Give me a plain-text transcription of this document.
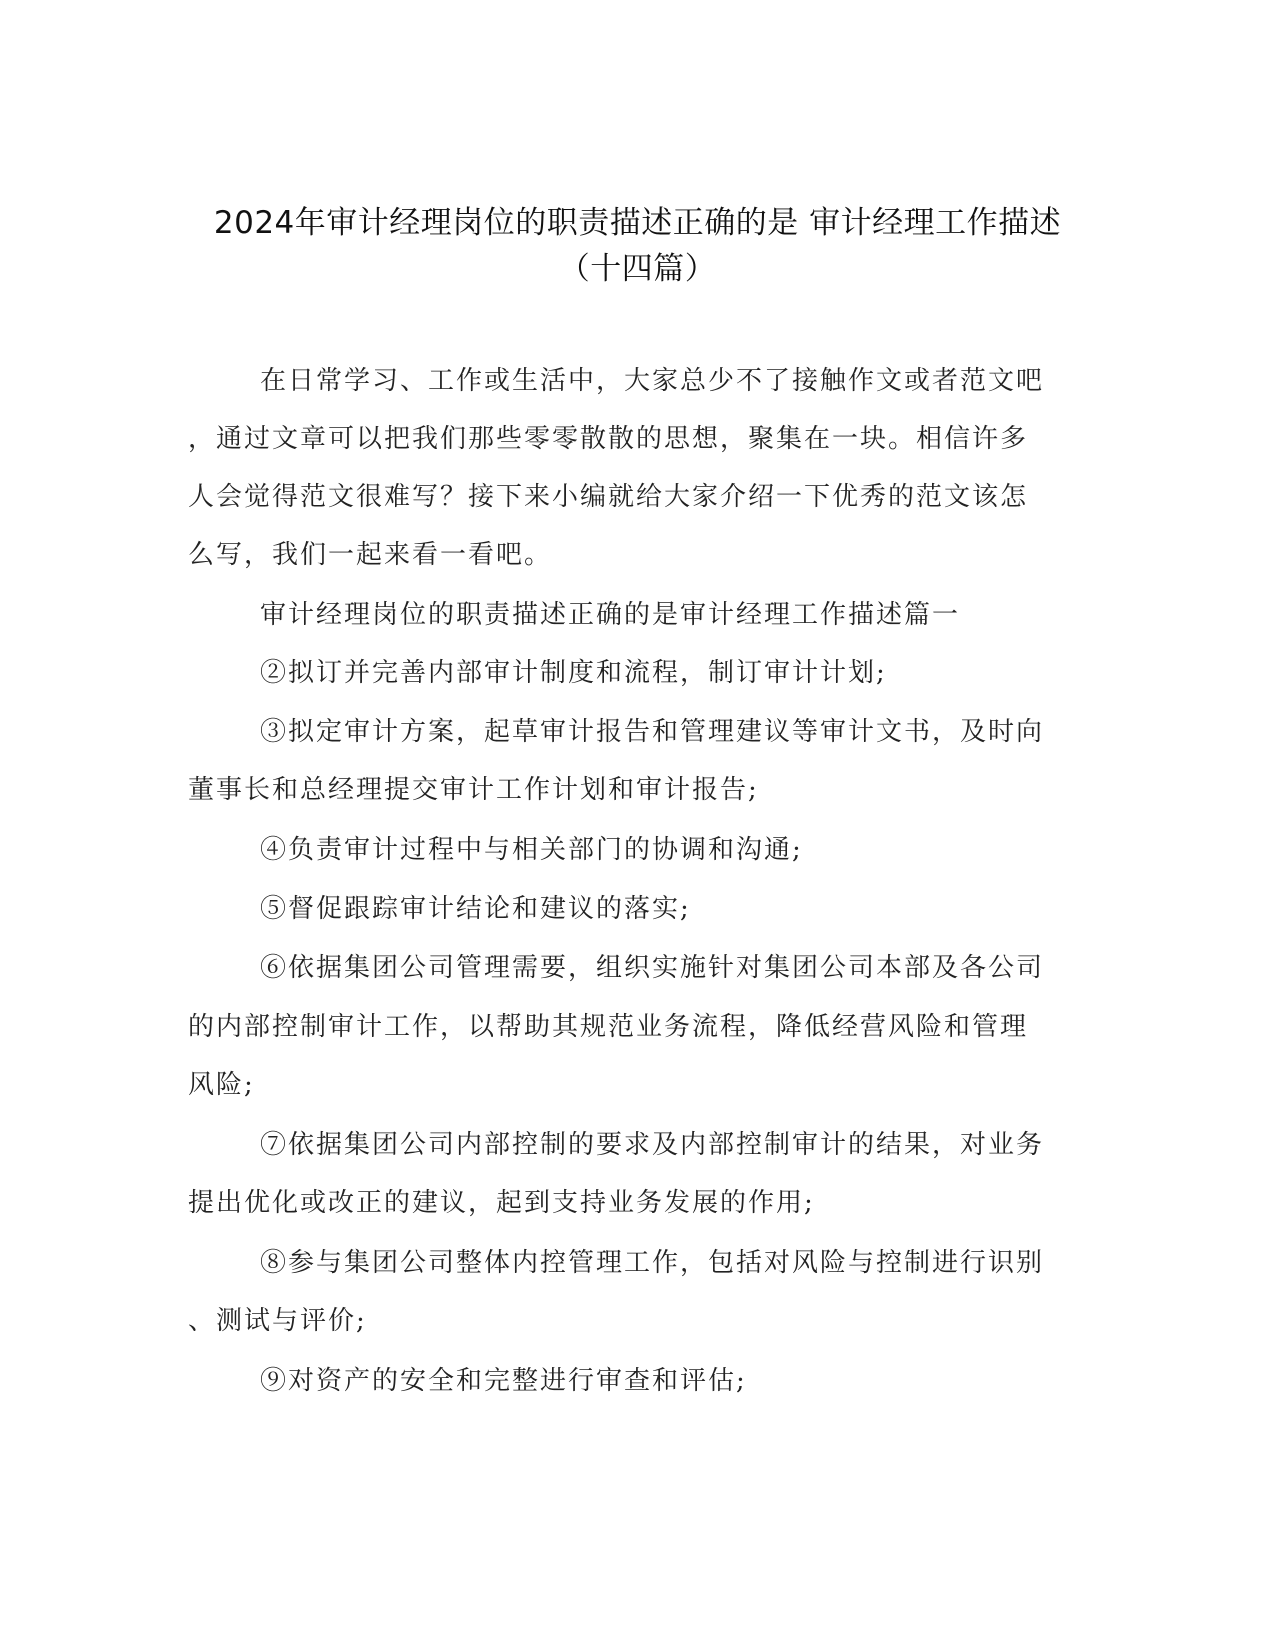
2024年审计经理岗位的职责描述正确的是 审计经理工作描述
（十四篇）
在日常学习、工作或生活中，大家总少不了接触作文或者范文吧
，通过文章可以把我们那些零零散散的思想，聚集在一块。相信许多
人会觉得范文很难写？接下来小编就给大家介绍一下优秀的范文该怎
么写，我们一起来看一看吧。
审计经理岗位的职责描述正确的是审计经理工作描述篇一
②拟订并完善内部审计制度和流程，制订审计计划;
③拟定审计方案，起草审计报告和管理建议等审计文书，及时向
董事长和总经理提交审计工作计划和审计报告;
④负责审计过程中与相关部门的协调和沟通;
⑤督促跟踪审计结论和建议的落实;
⑥依据集团公司管理需要，组织实施针对集团公司本部及各公司
的内部控制审计工作，以帮助其规范业务流程，降低经营风险和管理
风险;
⑦依据集团公司内部控制的要求及内部控制审计的结果，对业务
提出优化或改正的建议，起到支持业务发展的作用;
⑧参与集团公司整体内控管理工作，包括对风险与控制进行识别
、测试与评价;
⑨对资产的安全和完整进行审查和评估;
